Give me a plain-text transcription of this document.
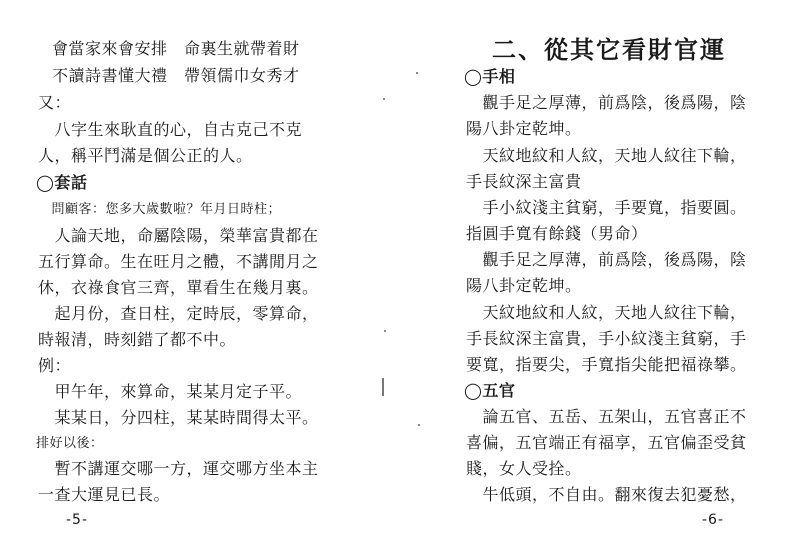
會當家來會安排　命裏生就帶着財
不讀詩書懂大禮　帶領儒巾女秀才
又：
　八字生來耿直的心，自古克己不克
人，稱平鬥滿是個公正的人。
◯套話
　問顧客：您多大歲數啦？年月日時柱；
　人論天地，命屬陰陽，榮華富貴都在
五行算命。生在旺月之體，不講閒月之
休，衣祿食官三齊，單看生在幾月裏。
　起月份，查日柱，定時辰，零算命，
時報清，時刻錯了都不中。
例：
　甲午年，來算命，某某月定子平。
　某某日，分四柱，某某時間得太平。
排好以後：
　暫不講運交哪一方，運交哪方坐本主
一查大運見已長。
-5-
二、從其它看財官運
◯手相
　觀手足之厚薄，前爲陰，後爲陽，陰
陽八卦定乾坤。
　天紋地紋和人紋，天地人紋往下輪，
手長紋深主富貴
　手小紋淺主貧窮，手要寬，指要圓。
指圓手寬有餘錢（男命）
　觀手足之厚薄，前爲陰，後爲陽，陰
陽八卦定乾坤。
　天紋地紋和人紋，天地人紋往下輪，
手長紋深主富貴，手小紋淺主貧窮，手
要寬，指要尖，手寬指尖能把福祿攀。
◯五官
　論五官、五岳、五架山，五官喜正不
喜偏，五官端正有福享，五官偏歪受貧
賤，女人受拴。
　牛低頭，不自由。翻來復去犯憂愁，
-6-
